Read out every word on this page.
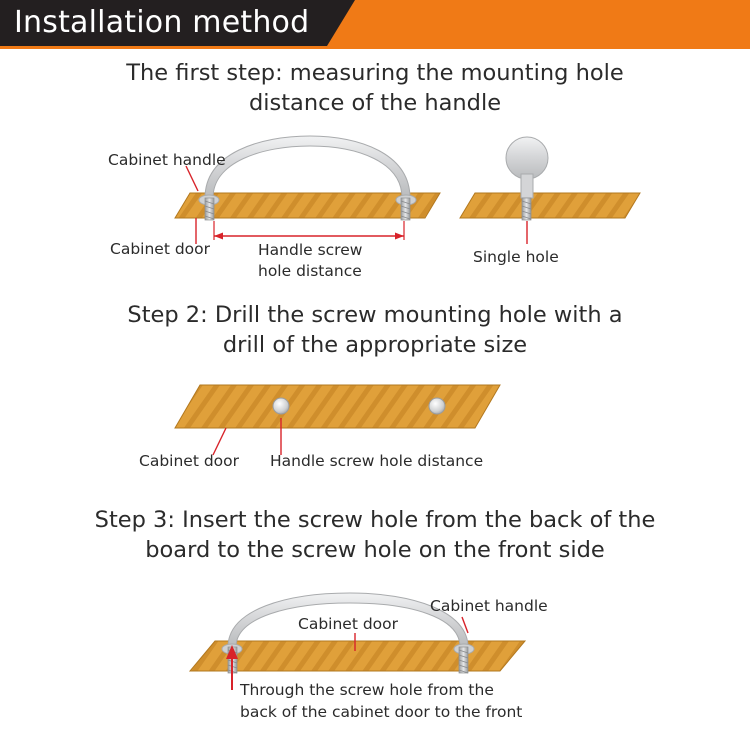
Installation method
The first step: measuring the mounting hole
distance of the handle
Cabinet handle
Cabinet door	Handle screw
hole distance
Single hole
Step 2: Drill the screw mounting hole with a
drill of the appropriate size
Cabinet door Handle screw hole distance
Step 3: Insert the screw hole from the back of the
board to the screw hole on the front side
Cabinet handle
Cabinet door
Through the screw hole from the
back of the cabinet door to the front
